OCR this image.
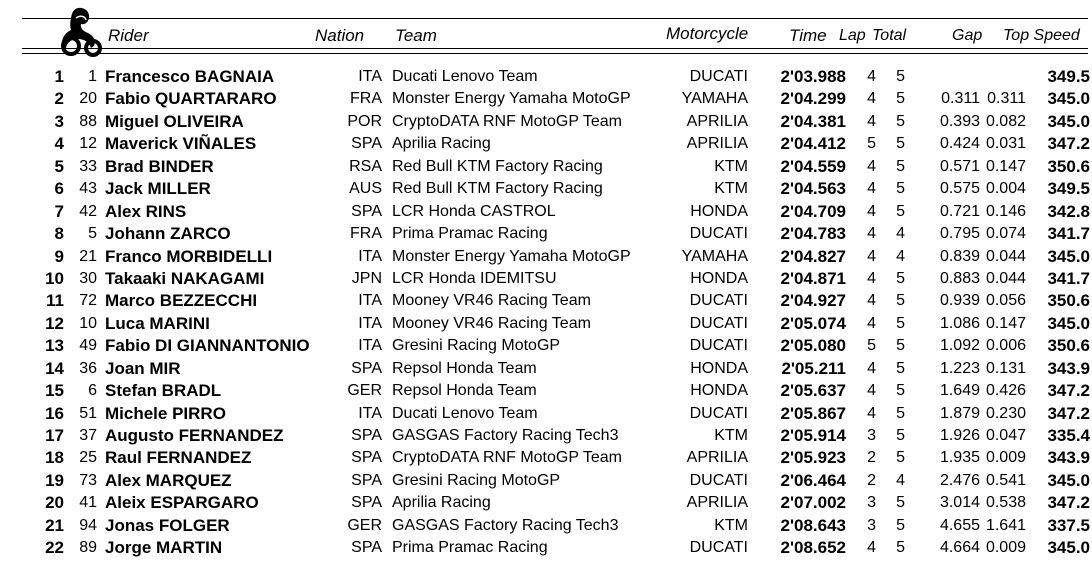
Rider	Nation Team	Motorcycle Time Lap Total	Gap Top Speed
1 1 Francesco BAGNAIA	ITA Ducati Lenovo Team	DUCATI 2'03.988 4 5	349.5
2 20 Fabio QUARTARARO	FRA Monster Energy Yamaha MotoGP	YAMAHA 2'04.299 4 5 0.311 0.311 345.0
3 88 Miguel OLIVEIRA	POR CryptoDATA RNF MotoGP Team	APRILIA 2'04.381 4 5 0.393 0.082 345.0
4 12 Maverick VIÑALES	SPA Aprilia Racing	APRILIA 2'04.412 5 5 0.424 0.031 347.2
5 33 Brad BINDER	RSA Red Bull KTM Factory Racing	KTM 2'04.559 4 5 0.571 0.147 350.6
6 43 Jack MILLER	AUS Red Bull KTM Factory Racing	KTM 2'04.563 4 5 0.575 0.004 349.5
7 42 Alex RINS	SPA LCR Honda CASTROL	HONDA 2'04.709 4 5 0.721 0.146 342.8
8 5 Johann ZARCO	FRA Prima Pramac Racing	DUCATI 2'04.783 4 4 0.795 0.074 341.7
9 21 Franco MORBIDELLI	ITA Monster Energy Yamaha MotoGP	YAMAHA 2'04.827 4 4 0.839 0.044 345.0
10 30 Takaaki NAKAGAMI	JPN LCR Honda IDEMITSU	HONDA 2'04.871 4 5 0.883 0.044 341.7
11 72 Marco BEZZECCHI	ITA Mooney VR46 Racing Team	DUCATI 2'04.927 4 5 0.939 0.056 350.6
12 10 Luca MARINI	ITA Mooney VR46 Racing Team	DUCATI 2'05.074 4 5 1.086 0.147 345.0
13 49 Fabio DI GIANNANTONIO	ITA Gresini Racing MotoGP	DUCATI 2'05.080 5 5 1.092 0.006 350.6
14 36 Joan MIR	SPA Repsol Honda Team	HONDA 2'05.211 4 5 1.223 0.131 343.9
15 6 Stefan BRADL	GER Repsol Honda Team	HONDA 2'05.637 4 5 1.649 0.426 347.2
16 51 Michele PIRRO	ITA Ducati Lenovo Team	DUCATI 2'05.867 4 5 1.879 0.230 347.2
17 37 Augusto FERNANDEZ	SPA GASGAS Factory Racing Tech3	KTM 2'05.914 3 5 1.926 0.047 335.4
18 25 Raul FERNANDEZ	SPA CryptoDATA RNF MotoGP Team	APRILIA 2'05.923 2 5 1.935 0.009 343.9
19 73 Alex MARQUEZ	SPA Gresini Racing MotoGP	DUCATI 2'06.464 2 4 2.476 0.541 345.0
20 41 Aleix ESPARGARO	SPA Aprilia Racing	APRILIA 2'07.002 3 5 3.014 0.538 347.2
21 94 Jonas FOLGER	GER GASGAS Factory Racing Tech3	KTM 2'08.643 3 5 4.655 1.641 337.5
22 89 Jorge MARTIN	SPA Prima Pramac Racing	DUCATI 2'08.652 4 5 4.664 0.009 345.0
